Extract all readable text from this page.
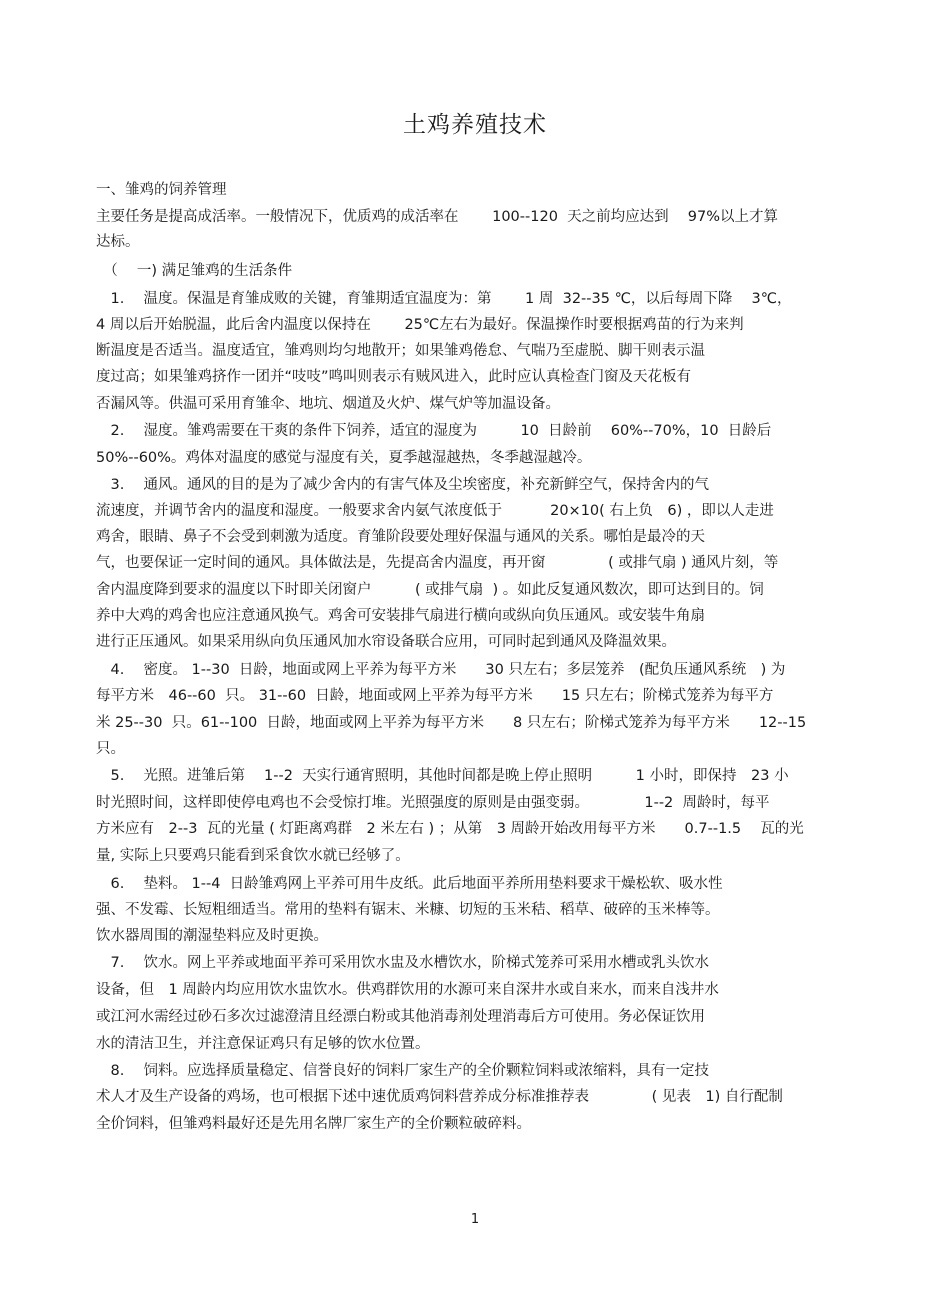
土鸡养殖技术

一、雏鸡的饲养管理

主要任务是提高成活率。一般情况下，优质鸡的成活率在　　 100--120  天之前均应达到　 97%以上才算

达标。

　（　 一) 满足雏鸡的生活条件

　1.　 温度。保温是育雏成败的关键，育雏期适宜温度为：第　　 1 周  32--35 ℃，以后每周下降　 3℃，

4 周以后开始脱温，此后舍内温度以保持在　　 25℃左右为最好。保温操作时要根据鸡苗的行为来判

断温度是否适当。温度适宜，雏鸡则均匀地散开；如果雏鸡倦怠、气喘乃至虚脱、脚干则表示温

度过高；如果雏鸡挤作一团并“吱吱”鸣叫则表示有贼风进入，此时应认真检查门窗及天花板有

否漏风等。供温可采用育雏伞、地坑、烟道及火炉、煤气炉等加温设备。

　2.　 湿度。雏鸡需要在干爽的条件下饲养，适宜的湿度为　　　10  日龄前　 60%--70%，10  日龄后

50%--60%。鸡体对温度的感觉与湿度有关，夏季越湿越热，冬季越湿越冷。

　3.　 通风。通风的目的是为了减少舍内的有害气体及尘埃密度，补充新鲜空气，保持舍内的气

流速度，并调节舍内的温度和湿度。一般要求舍内氨气浓度低于　　　 20×10( 右上负　6) ，即以人走进

鸡舍，眼睛、鼻子不会受到刺激为适度。育雏阶段要处理好保温与通风的关系。哪怕是最冷的天

气，也要保证一定时间的通风。具体做法是，先提高舍内温度，再开窗　　　　 ( 或排气扇 ) 通风片刻，等

舍内温度降到要求的温度以下时即关闭窗户　　　( 或排气扇  ) 。如此反复通风数次，即可达到目的。饲

养中大鸡的鸡舍也应注意通风换气。鸡舍可安装排气扇进行横向或纵向负压通风。或安装牛角扇

进行正压通风。如果采用纵向负压通风加水帘设备联合应用，可同时起到通风及降温效果。

　4.　 密度。 1--30  日龄，地面或网上平养为每平方米　　30 只左右；多层笼养　(配负压通风系统　) 为

每平方米　46--60  只。 31--60  日龄，地面或网上平养为每平方米　　15 只左右；阶梯式笼养为每平方

米 25--30  只。61--100  日龄，地面或网上平养为每平方米　　8 只左右；阶梯式笼养为每平方米　　12--15

只。

　5.　 光照。进雏后第　 1--2  天实行通宵照明，其他时间都是晚上停止照明　　　1 小时，即保持　23 小

时光照时间，这样即使停电鸡也不会受惊打堆。光照强度的原则是由强变弱。　　　　 1--2  周龄时，每平

方米应有　2--3  瓦的光量 ( 灯距离鸡群　2 米左右 ) ；从第　3 周龄开始改用每平方米　　0.7--1.5　 瓦的光

量, 实际上只要鸡只能看到采食饮水就已经够了。

　6.　 垫料。 1--4  日龄雏鸡网上平养可用牛皮纸。此后地面平养所用垫料要求干燥松软、吸水性

强、不发霉、长短粗细适当。常用的垫料有锯末、米糠、切短的玉米秸、稻草、破碎的玉米棒等。

饮水器周围的潮湿垫料应及时更换。

　7.　 饮水。网上平养或地面平养可采用饮水盅及水槽饮水，阶梯式笼养可采用水槽或乳头饮水

设备，但　1 周龄内均应用饮水盅饮水。供鸡群饮用的水源可来自深井水或自来水，而来自浅井水

或江河水需经过砂石多次过滤澄清且经漂白粉或其他消毒剂处理消毒后方可使用。务必保证饮用

水的清洁卫生，并注意保证鸡只有足够的饮水位置。

　8.　 饲料。应选择质量稳定、信誉良好的饲料厂家生产的全价颗粒饲料或浓缩料，具有一定技

术人才及生产设备的鸡场，也可根据下述中速优质鸡饲料营养成分标准推荐表　　　　 ( 见表　1) 自行配制

全价饲料，但雏鸡料最好还是先用名牌厂家生产的全价颗粒破碎料。

1
